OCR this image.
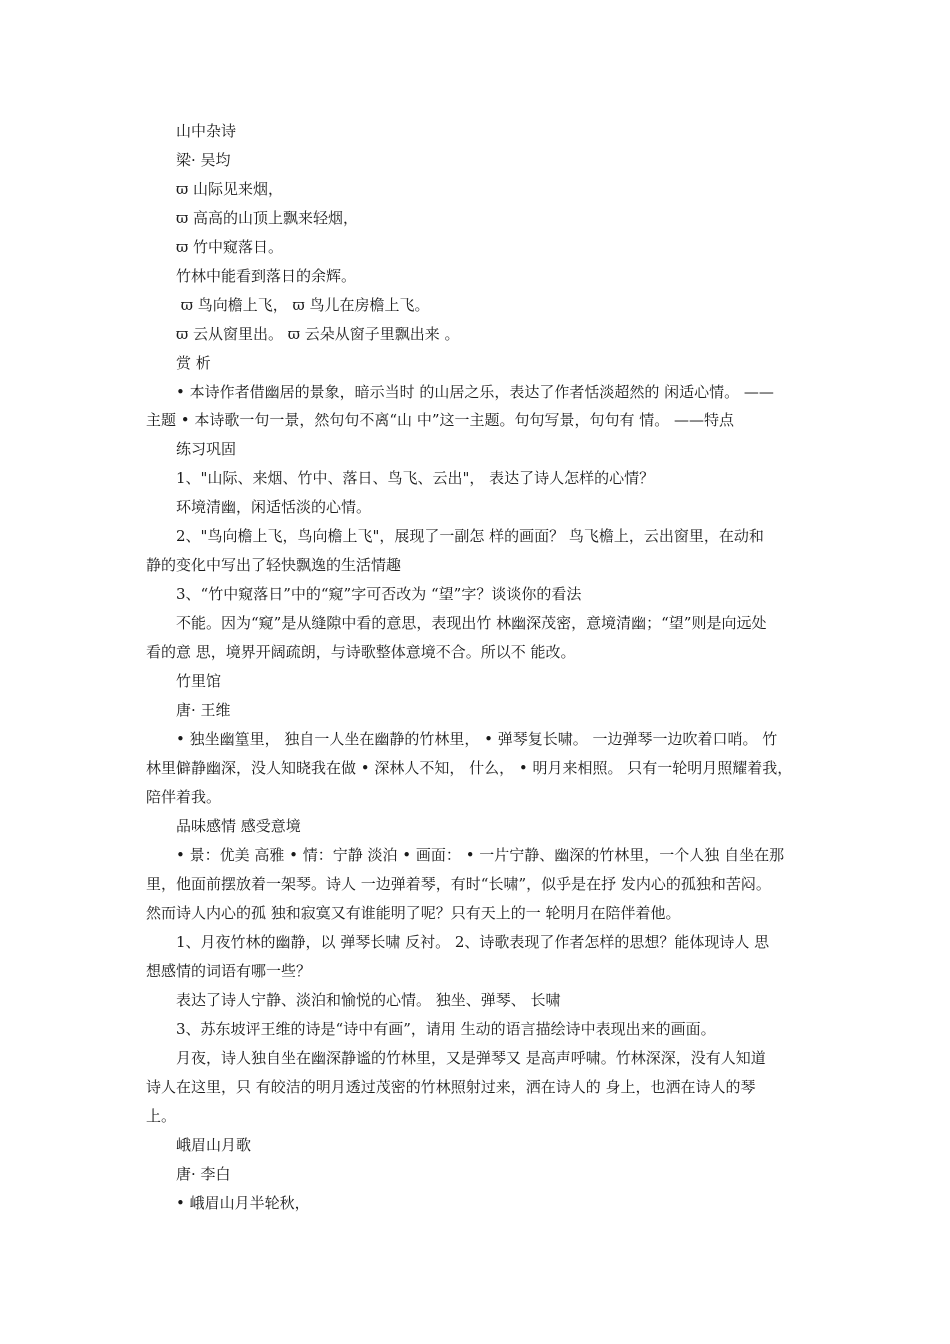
山中杂诗
梁· 吴均
ϖ 山际见来烟，
ϖ 高高的山顶上飘来轻烟，
ϖ 竹中窥落日。
竹林中能看到落日的余辉。
ϖ 鸟向檐上飞， ϖ 鸟儿在房檐上飞。
ϖ 云从窗里出。 ϖ 云朵从窗子里飘出来 。
赏 析
• 本诗作者借幽居的景象，暗示当时 的山居之乐，表达了作者恬淡超然的 闲适心情。 ——
主题 • 本诗歌一句一景，然句句不离“山 中”这一主题。句句写景，句句有 情。 ——特点
练习巩固
1、"山际、来烟、竹中、落日、鸟飞、云出"， 表达了诗人怎样的心情？
环境清幽，闲适恬淡的心情。
2、"鸟向檐上飞，鸟向檐上飞"，展现了一副怎 样的画面？ 鸟飞檐上，云出窗里，在动和
静的变化中写出了轻快飘逸的生活情趣
3、“竹中窥落日”中的“窥”字可否改为 “望”字？谈谈你的看法
不能。因为“窥”是从缝隙中看的意思，表现出竹 林幽深茂密，意境清幽；“望”则是向远处
看的意 思，境界开阔疏朗，与诗歌整体意境不合。所以不 能改。
竹里馆
唐· 王维
• 独坐幽篁里， 独自一人坐在幽静的竹林里， • 弹琴复长啸。 一边弹琴一边吹着口哨。 竹
林里僻静幽深，没人知晓我在做 • 深林人不知， 什么， • 明月来相照。 只有一轮明月照耀着我，
陪伴着我。
品味感情 感受意境
• 景：优美 高雅 • 情：宁静 淡泊 • 画面： • 一片宁静、幽深的竹林里，一个人独 自坐在那
里，他面前摆放着一架琴。诗人 一边弹着琴，有时“长啸”，似乎是在抒 发内心的孤独和苦闷。
然而诗人内心的孤 独和寂寞又有谁能明了呢？只有天上的一 轮明月在陪伴着他。
1、月夜竹林的幽静，以 弹琴长啸 反衬。 2、诗歌表现了作者怎样的思想？能体现诗人 思
想感情的词语有哪一些？
表达了诗人宁静、淡泊和愉悦的心情。 独坐、弹琴、 长啸
3、苏东坡评王维的诗是“诗中有画”，请用 生动的语言描绘诗中表现出来的画面。
月夜，诗人独自坐在幽深静谧的竹林里，又是弹琴又 是高声呼啸。竹林深深，没有人知道
诗人在这里，只 有皎洁的明月透过茂密的竹林照射过来，洒在诗人的 身上，也洒在诗人的琴
上。
峨眉山月歌
唐· 李白
• 峨眉山月半轮秋，
